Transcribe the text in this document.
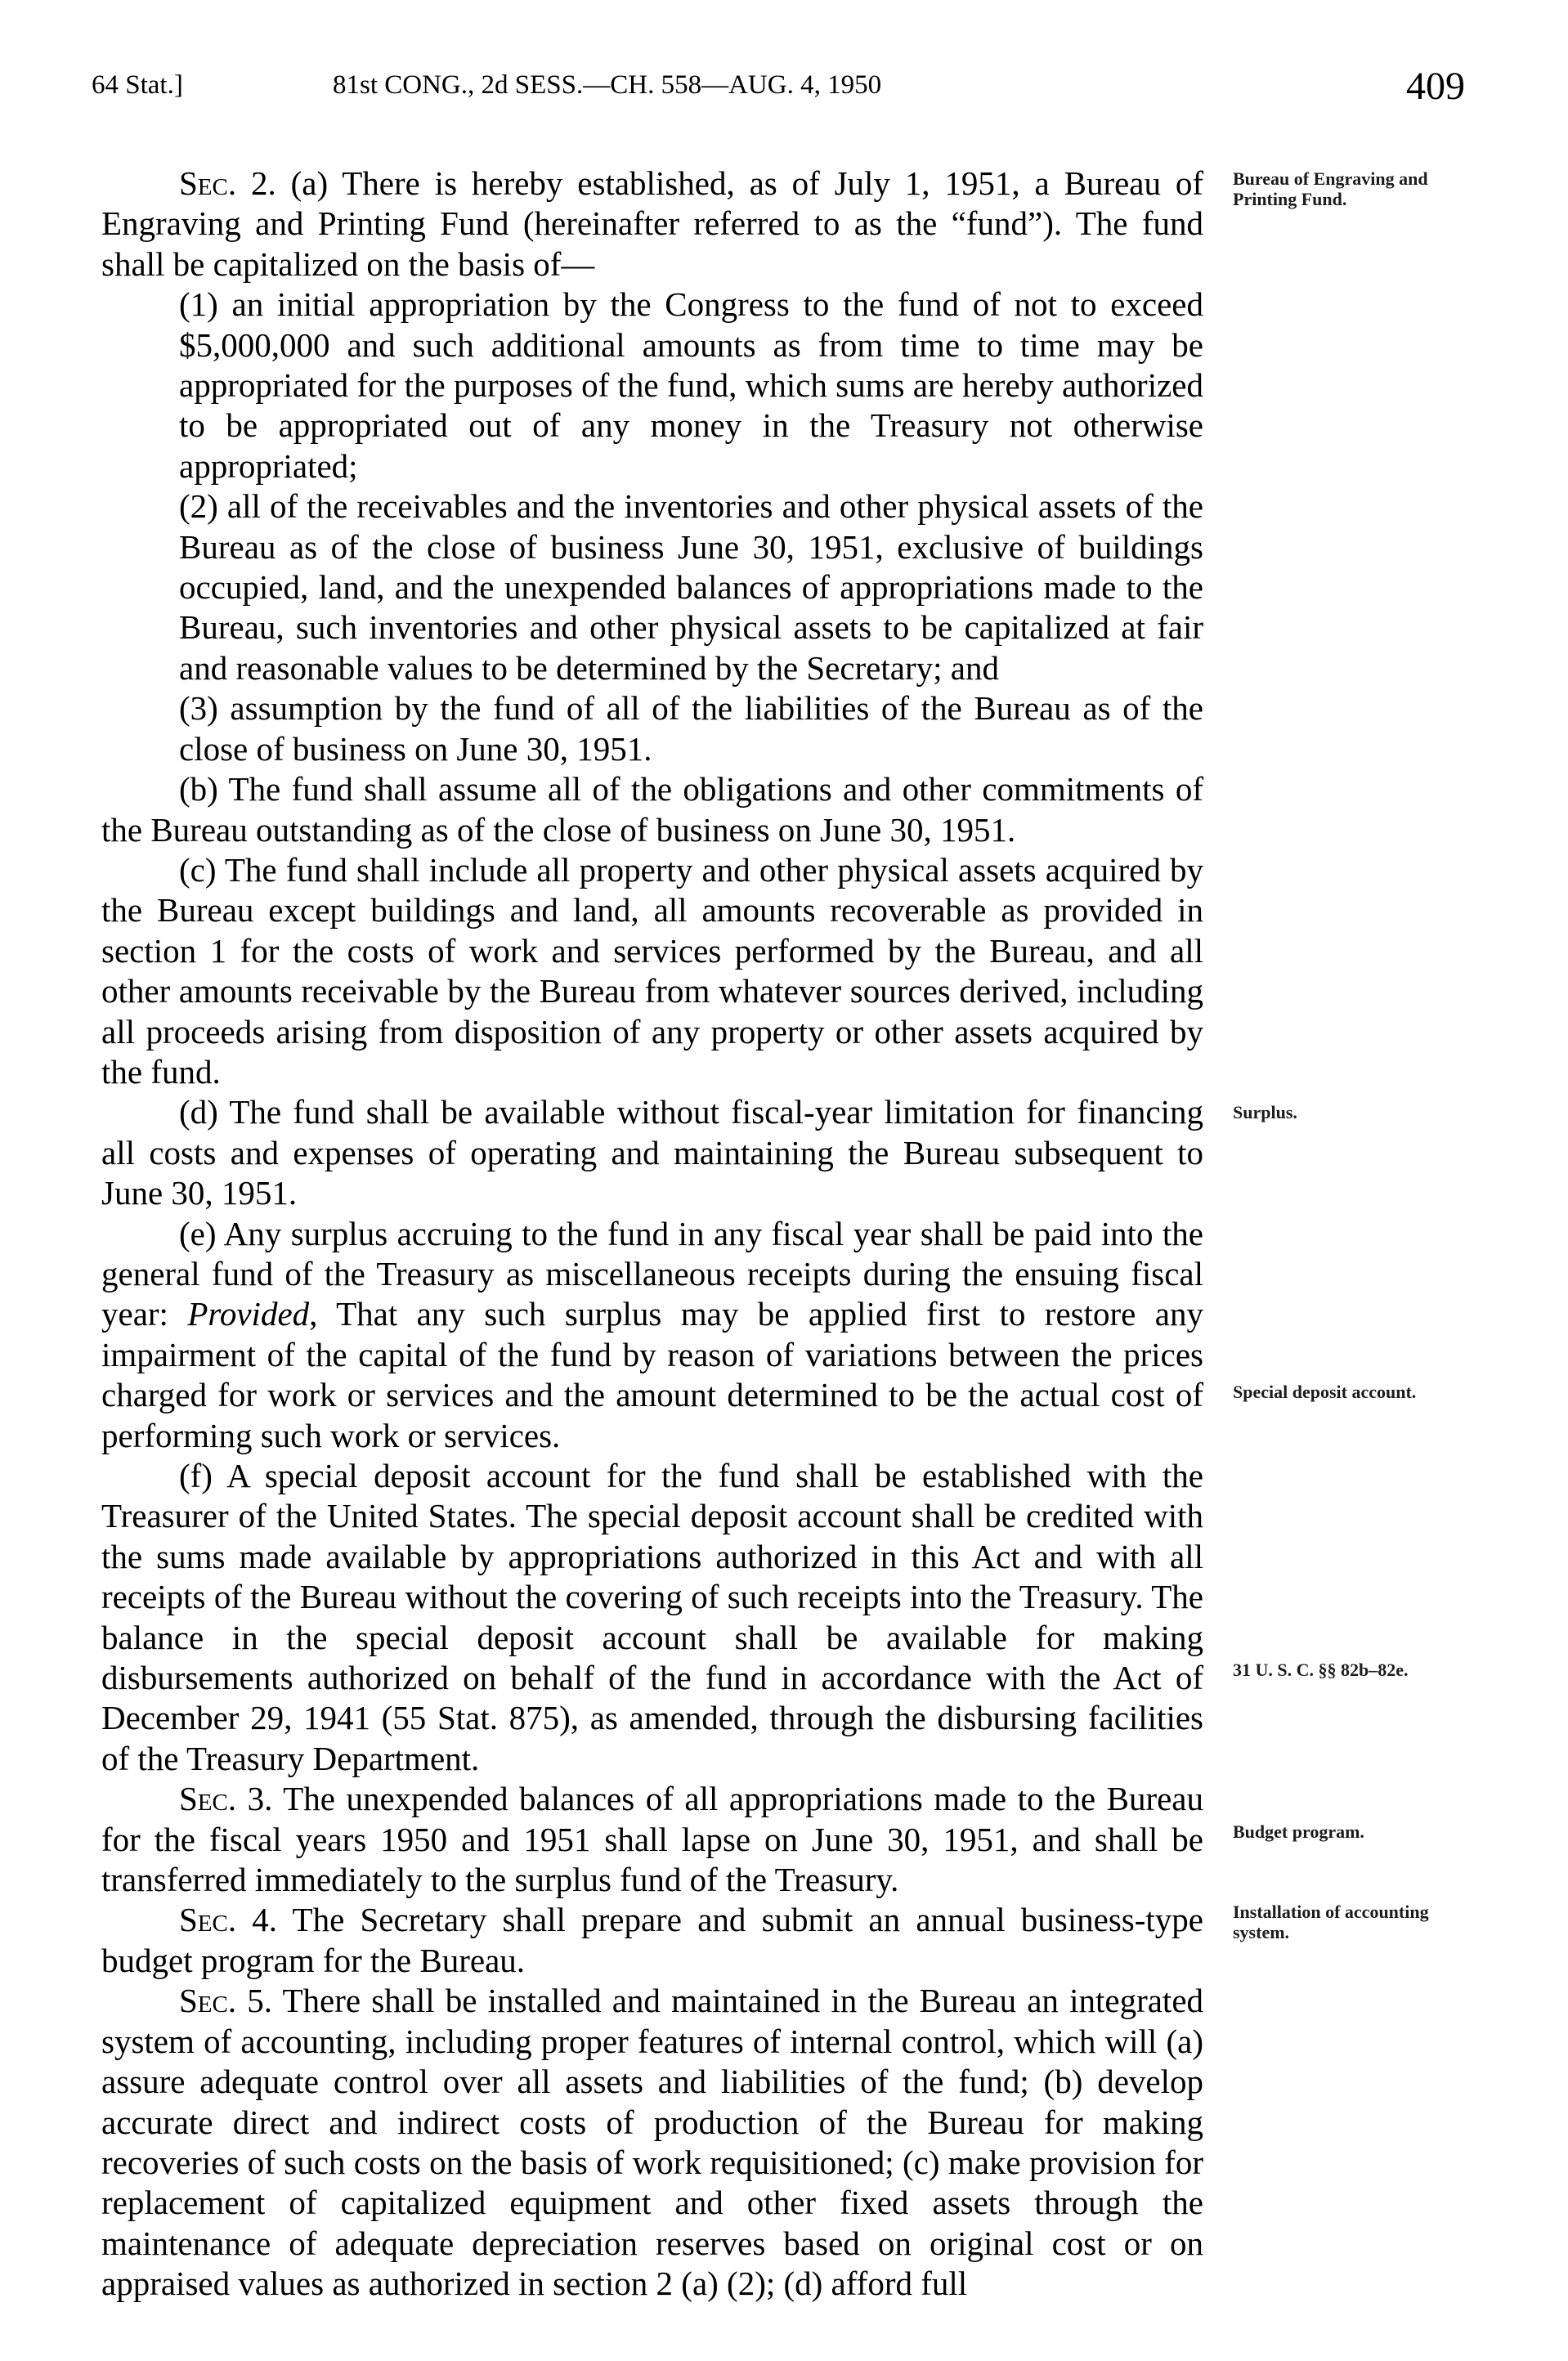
64 Stat.]	81st CONG., 2d SESS.—CH. 558—AUG. 4, 1950	409

Sec. 2. (a) There is hereby established, as of July 1, 1951, a Bureau of Engraving and Printing Fund (hereinafter referred to as the “fund”). The fund shall be capitalized on the basis of—

(1) an initial appropriation by the Congress to the fund of not to exceed $5,000,000 and such additional amounts as from time to time may be appropriated for the purposes of the fund, which sums are hereby authorized to be appropriated out of any money in the Treasury not otherwise appropriated;

(2) all of the receivables and the inventories and other physical assets of the Bureau as of the close of business June 30, 1951, exclusive of buildings occupied, land, and the unexpended balances of appropriations made to the Bureau, such inventories and other physical assets to be capitalized at fair and reasonable values to be determined by the Secretary; and

(3) assumption by the fund of all of the liabilities of the Bureau as of the close of business on June 30, 1951.

(b) The fund shall assume all of the obligations and other commitments of the Bureau outstanding as of the close of business on June 30, 1951.

(c) The fund shall include all property and other physical assets acquired by the Bureau except buildings and land, all amounts recoverable as provided in section 1 for the costs of work and services performed by the Bureau, and all other amounts receivable by the Bureau from whatever sources derived, including all proceeds arising from disposition of any property or other assets acquired by the fund.

(d) The fund shall be available without fiscal-year limitation for financing all costs and expenses of operating and maintaining the Bureau subsequent to June 30, 1951.

(e) Any surplus accruing to the fund in any fiscal year shall be paid into the general fund of the Treasury as miscellaneous receipts during the ensuing fiscal year: Provided, That any such surplus may be applied first to restore any impairment of the capital of the fund by reason of variations between the prices charged for work or services and the amount determined to be the actual cost of performing such work or services.

(f) A special deposit account for the fund shall be established with the Treasurer of the United States. The special deposit account shall be credited with the sums made available by appropriations authorized in this Act and with all receipts of the Bureau without the covering of such receipts into the Treasury. The balance in the special deposit account shall be available for making disbursements authorized on behalf of the fund in accordance with the Act of December 29, 1941 (55 Stat. 875), as amended, through the disbursing facilities of the Treasury Department.

Sec. 3. The unexpended balances of all appropriations made to the Bureau for the fiscal years 1950 and 1951 shall lapse on June 30, 1951, and shall be transferred immediately to the surplus fund of the Treasury.

Sec. 4. The Secretary shall prepare and submit an annual business-type budget program for the Bureau.

Sec. 5. There shall be installed and maintained in the Bureau an integrated system of accounting, including proper features of internal control, which will (a) assure adequate control over all assets and liabilities of the fund; (b) develop accurate direct and indirect costs of production of the Bureau for making recoveries of such costs on the basis of work requisitioned; (c) make provision for replacement of capitalized equipment and other fixed assets through the maintenance of adequate depreciation reserves based on original cost or on appraised values as authorized in section 2 (a) (2); (d) afford full

Bureau of Engraving and Printing Fund.
Surplus.
Special deposit account.
31 U. S. C. §§ 82b–82e.
Budget program.
Installation of accounting system.
